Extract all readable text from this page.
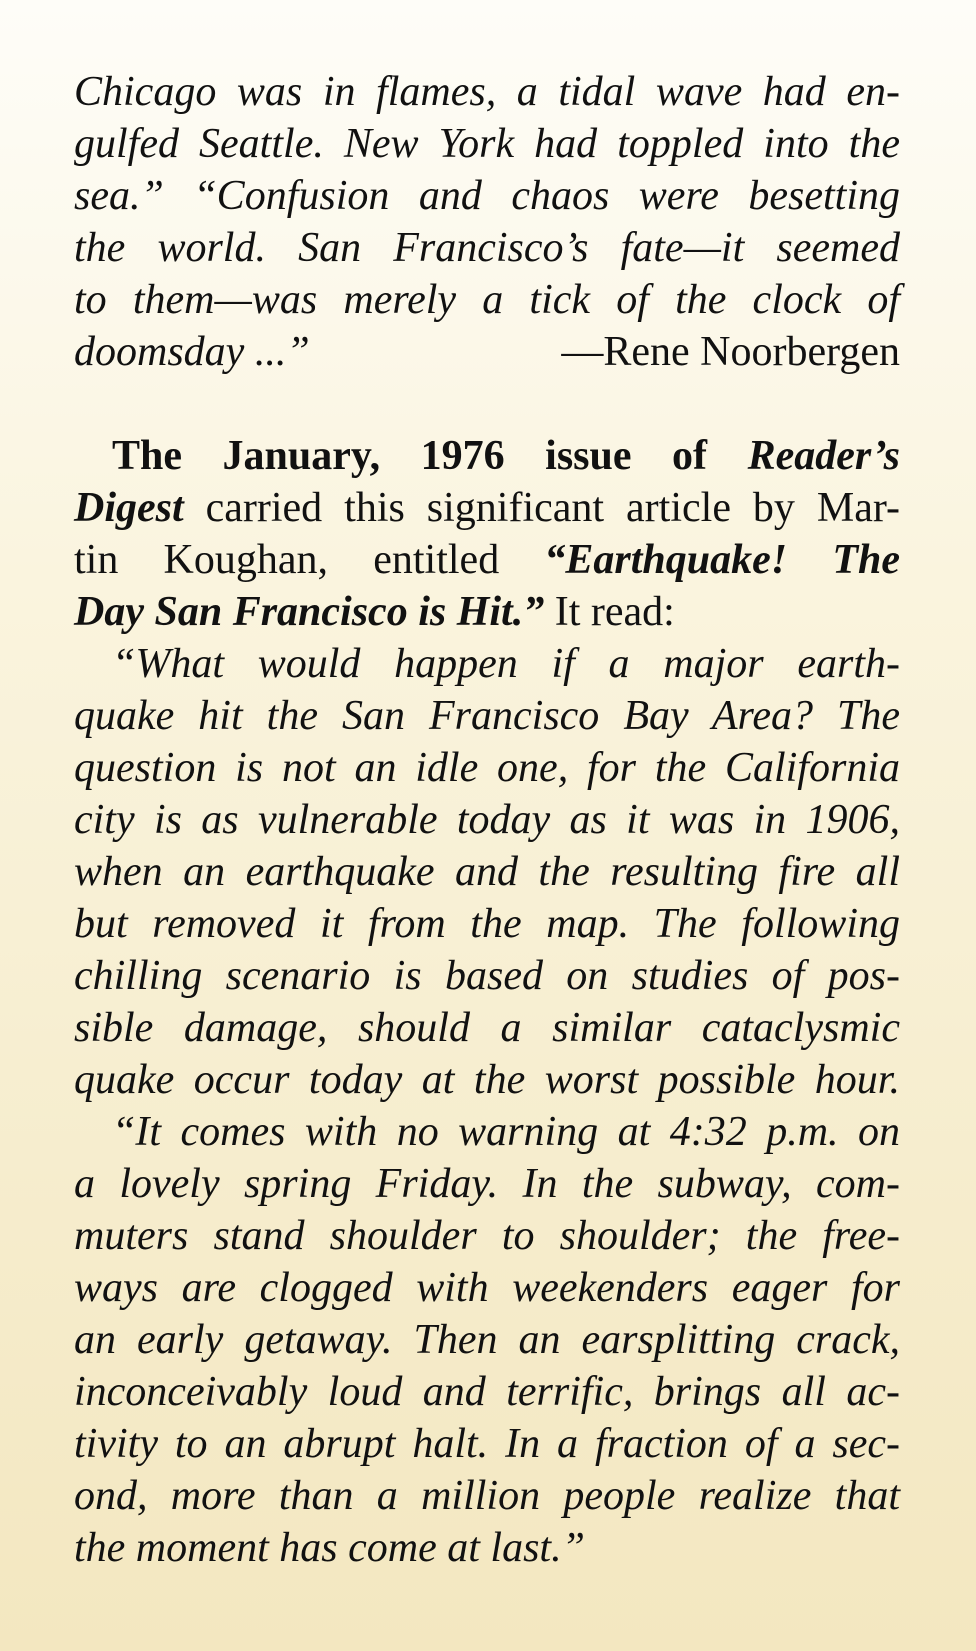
Chicago was in flames, a tidal wave had en-
gulfed Seattle. New York had toppled into the
sea.” “Confusion and chaos were besetting
the world. San Francisco’s fate—it seemed
to them—was merely a tick of the clock of
doomsday ...”	—Rene Noorbergen
The January, 1976 issue of Reader’s
Digest carried this significant article by Mar-
tin Koughan, entitled “Earthquake! The
Day San Francisco is Hit.” It read:
“What would happen if a major earth-
quake hit the San Francisco Bay Area? The
question is not an idle one, for the California
city is as vulnerable today as it was in 1906,
when an earthquake and the resulting fire all
but removed it from the map. The following
chilling scenario is based on studies of pos-
sible damage, should a similar cataclysmic
quake occur today at the worst possible hour.
“It comes with no warning at 4:32 p.m. on
a lovely spring Friday. In the subway, com-
muters stand shoulder to shoulder; the free-
ways are clogged with weekenders eager for
an early getaway. Then an earsplitting crack,
inconceivably loud and terrific, brings all ac-
tivity to an abrupt halt. In a fraction of a sec-
ond, more than a million people realize that
the moment has come at last.”
